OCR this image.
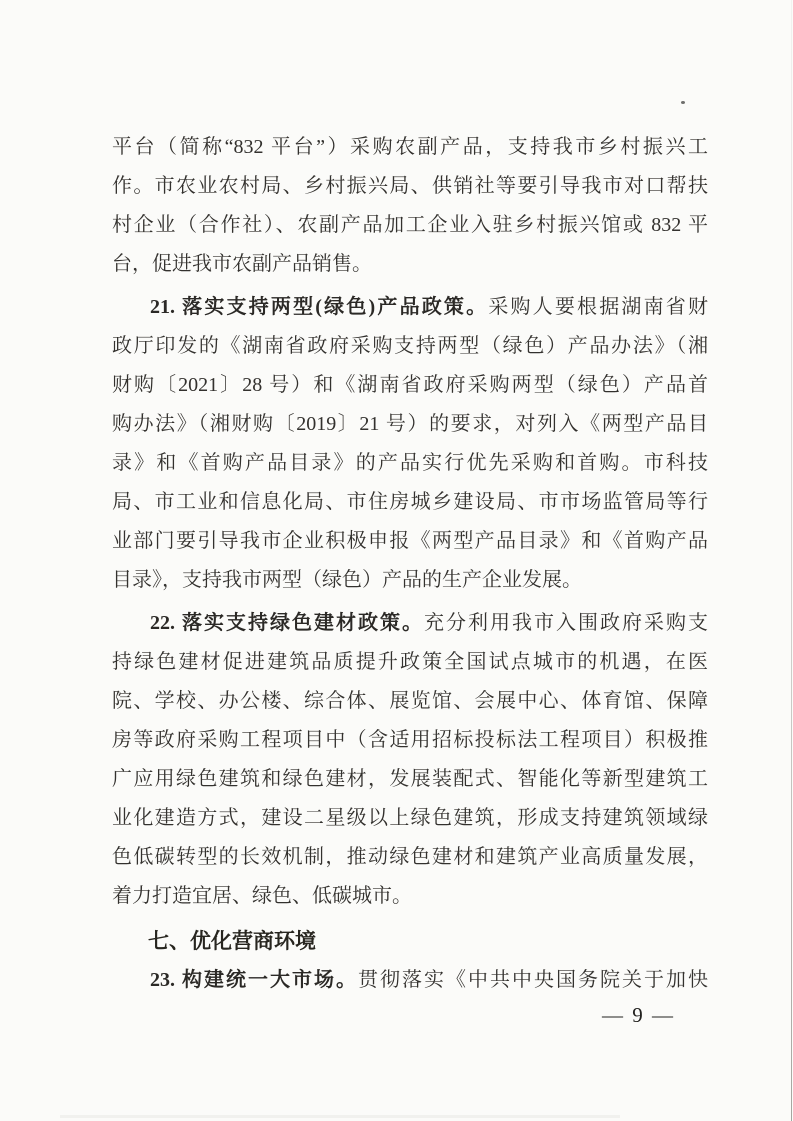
平台（简称“832 平台”）采购农副产品，支持我市乡村振兴工
作。市农业农村局、乡村振兴局、供销社等要引导我市对口帮扶
村企业（合作社）、农副产品加工企业入驻乡村振兴馆或 832 平
台，促进我市农副产品销售。
21. 落实支持两型(绿色)产品政策。采购人要根据湖南省财
政厅印发的《湖南省政府采购支持两型（绿色）产品办法》（湘
财购〔2021〕28 号）和《湖南省政府采购两型（绿色）产品首
购办法》（湘财购〔2019〕21 号）的要求，对列入《两型产品目
录》和《首购产品目录》的产品实行优先采购和首购。市科技
局、市工业和信息化局、市住房城乡建设局、市市场监管局等行
业部门要引导我市企业积极申报《两型产品目录》和《首购产品
目录》，支持我市两型（绿色）产品的生产企业发展。
22. 落实支持绿色建材政策。充分利用我市入围政府采购支
持绿色建材促进建筑品质提升政策全国试点城市的机遇，在医
院、学校、办公楼、综合体、展览馆、会展中心、体育馆、保障
房等政府采购工程项目中（含适用招标投标法工程项目）积极推
广应用绿色建筑和绿色建材，发展装配式、智能化等新型建筑工
业化建造方式，建设二星级以上绿色建筑，形成支持建筑领域绿
色低碳转型的长效机制，推动绿色建材和建筑产业高质量发展，
着力打造宜居、绿色、低碳城市。
七、优化营商环境
23. 构建统一大市场。贯彻落实《中共中央国务院关于加快
— 9 —
